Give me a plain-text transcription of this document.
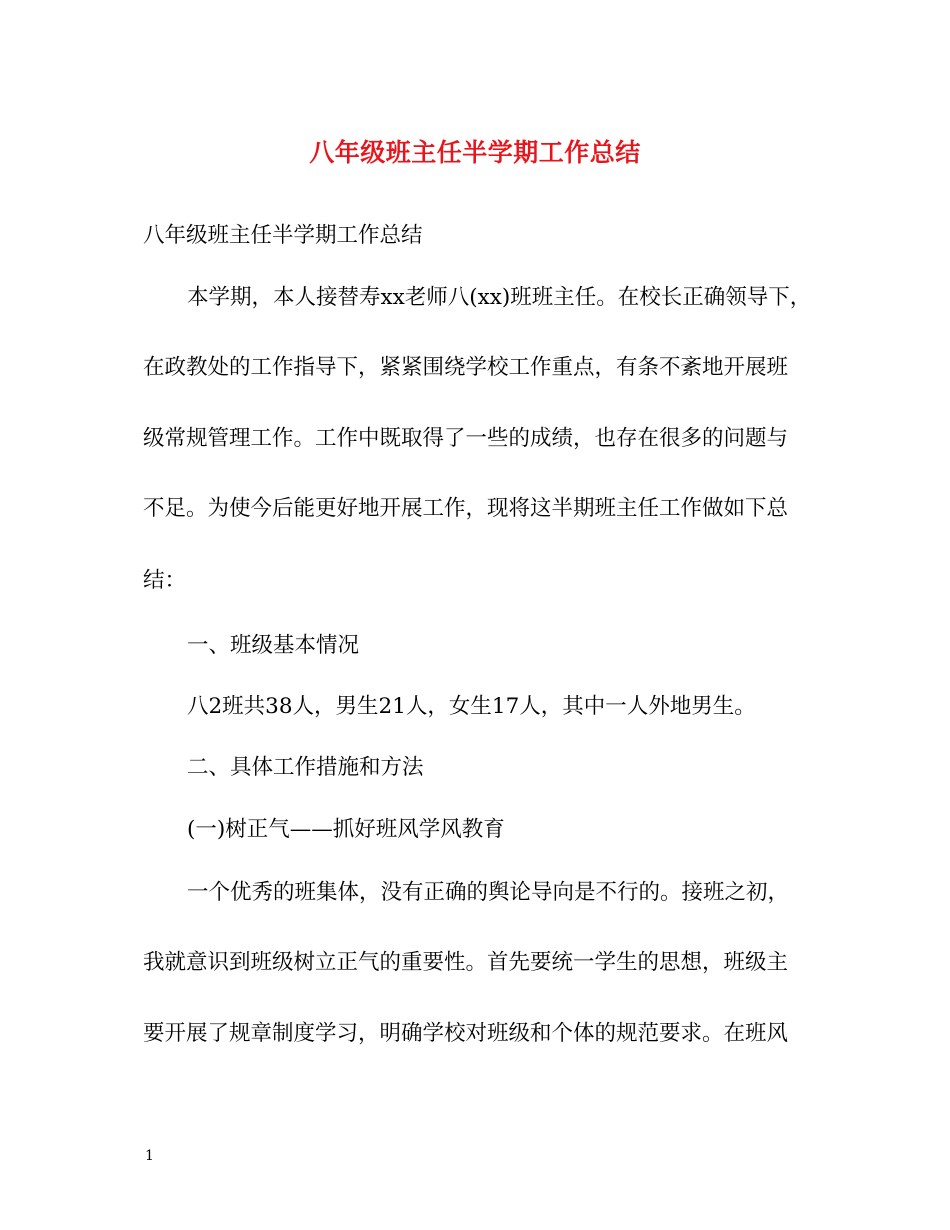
八年级班主任半学期工作总结
八年级班主任半学期工作总结
本学期，本人接替寿xx老师八(xx)班班主任。在校长正确领导下，
在政教处的工作指导下，紧紧围绕学校工作重点，有条不紊地开展班
级常规管理工作。工作中既取得了一些的成绩，也存在很多的问题与
不足。为使今后能更好地开展工作，现将这半期班主任工作做如下总
结：
一、班级基本情况
八2班共38人，男生21人，女生17人，其中一人外地男生。
二、具体工作措施和方法
(一)树正气——抓好班风学风教育
一个优秀的班集体，没有正确的舆论导向是不行的。接班之初，
我就意识到班级树立正气的重要性。首先要统一学生的思想，班级主
要开展了规章制度学习，明确学校对班级和个体的规范要求。在班风
1
